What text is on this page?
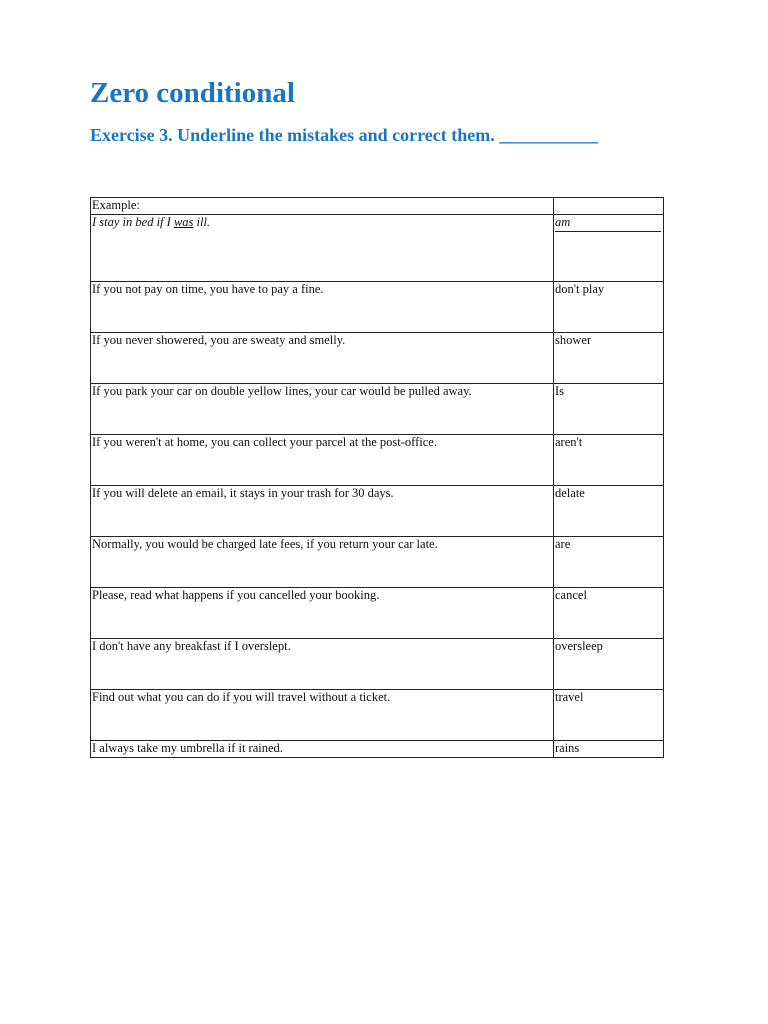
Zero conditional
Exercise 3. Underline the mistakes and correct them. ___________
Example:	
I stay in bed if I was ill.	am

If you not pay on time, you have to pay a fine.	don't play
If you never showered, you are sweaty and smelly.	shower
If you park your car on double yellow lines, your car would be pulled away.	Is
If you weren't at home, you can collect your parcel at the post-office.	aren't
If you will delete an email, it stays in your trash for 30 days.	delate
Normally, you would be charged late fees, if you return your car late.	are
Please, read what happens if you cancelled your booking.	cancel
I don't have any breakfast if I overslept.	oversleep
Find out what you can do if you will travel without a ticket.	travel
I always take my umbrella if it rained.	rains
